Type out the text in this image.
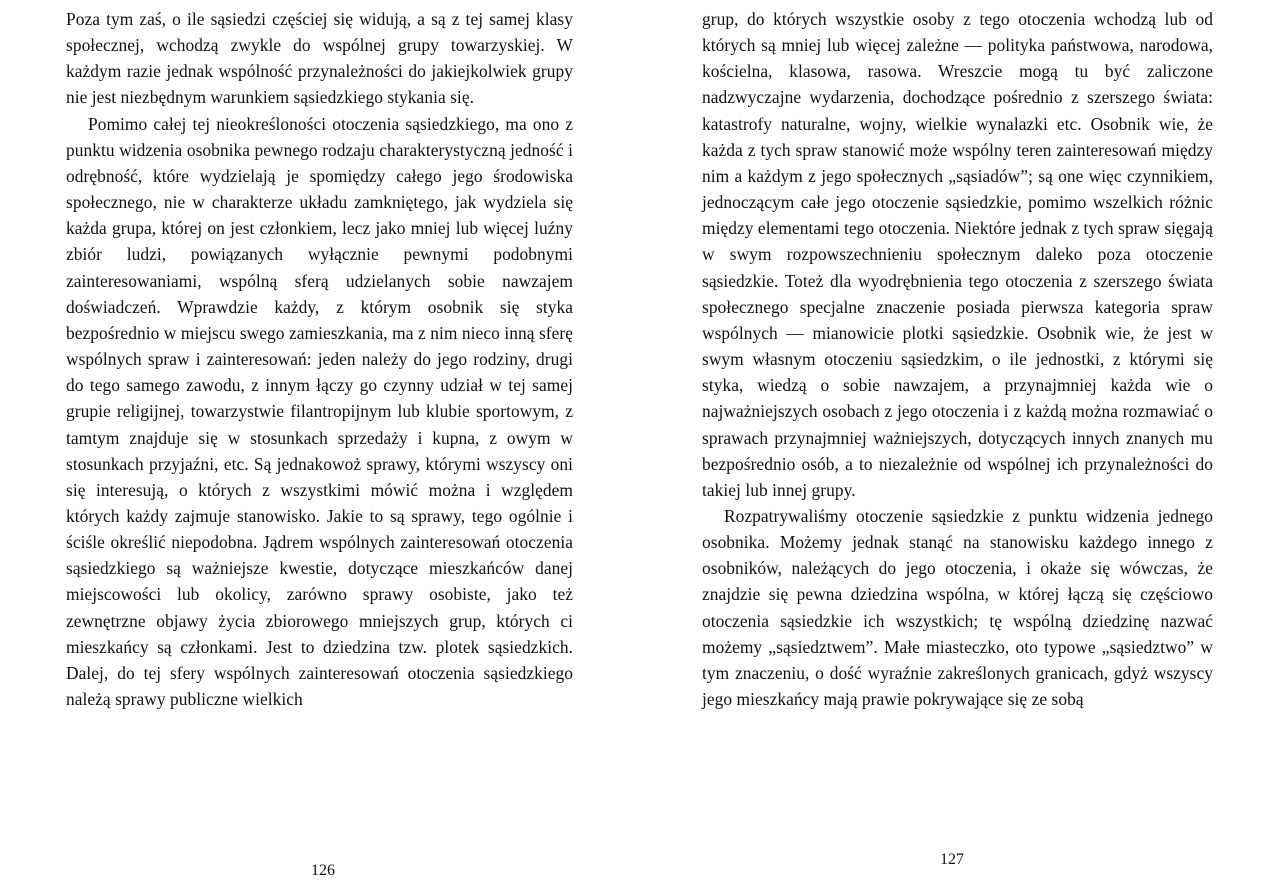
Poza tym zaś, o ile sąsiedzi częściej się widują, a są z tej samej klasy społecznej, wchodzą zwykle do wspólnej grupy towarzyskiej. W każdym razie jednak wspólność przynależności do jakiejkolwiek grupy nie jest niezbędnym warunkiem sąsiedzkiego stykania się.

Pomimo całej tej nieokreśloności otoczenia sąsiedzkiego, ma ono z punktu widzenia osobnika pewnego rodzaju charakterystyczną jedność i odrębność, które wydzielają je spomiędzy całego jego środowiska społecznego, nie w charakterze układu zamkniętego, jak wydziela się każda grupa, której on jest członkiem, lecz jako mniej lub więcej luźny zbiór ludzi, powiązanych wyłącznie pewnymi podobnymi zainteresowaniami, wspólną sferą udzielanych sobie nawzajem doświadczeń. Wprawdzie każdy, z którym osobnik się styka bezpośrednio w miejscu swego zamieszkania, ma z nim nieco inną sferę wspólnych spraw i zainteresowań: jeden należy do jego rodziny, drugi do tego samego zawodu, z innym łączy go czynny udział w tej samej grupie religijnej, towarzystwie filantropijnym lub klubie sportowym, z tamtym znajduje się w stosunkach sprzedaży i kupna, z owym w stosunkach przyjaźni, etc. Są jednakowoż sprawy, którymi wszyscy oni się interesują, o których z wszystkimi mówić można i względem których każdy zajmuje stanowisko. Jakie to są sprawy, tego ogólnie i ściśle określić niepodobna. Jądrem wspólnych zainteresowań otoczenia sąsiedzkiego są ważniejsze kwestie, dotyczące mieszkańców danej miejscowości lub okolicy, zarówno sprawy osobiste, jako też zewnętrzne objawy życia zbiorowego mniejszych grup, których ci mieszkańcy są członkami. Jest to dziedzina tzw. plotek sąsiedzkich. Dalej, do tej sfery wspólnych zainteresowań otoczenia sąsiedzkiego należą sprawy publiczne wielkich

126

grup, do których wszystkie osoby z tego otoczenia wchodzą lub od których są mniej lub więcej zależne — polityka państwowa, narodowa, kościelna, klasowa, rasowa. Wreszcie mogą tu być zaliczone nadzwyczajne wydarzenia, dochodzące pośrednio z szerszego świata: katastrofy naturalne, wojny, wielkie wynalazki etc. Osobnik wie, że każda z tych spraw stanowić może wspólny teren zainteresowań między nim a każdym z jego społecznych „sąsiadów”; są one więc czynnikiem, jednoczącym całe jego otoczenie sąsiedzkie, pomimo wszelkich różnic między elementami tego otoczenia. Niektóre jednak z tych spraw sięgają w swym rozpowszechnieniu społecznym daleko poza otoczenie sąsiedzkie. Toteż dla wyodrębnienia tego otoczenia z szerszego świata społecznego specjalne znaczenie posiada pierwsza kategoria spraw wspólnych — mianowicie plotki sąsiedzkie. Osobnik wie, że jest w swym własnym otoczeniu sąsiedzkim, o ile jednostki, z którymi się styka, wiedzą o sobie nawzajem, a przynajmniej każda wie o najważniejszych osobach z jego otoczenia i z każdą można rozmawiać o sprawach przynajmniej ważniejszych, dotyczących innych znanych mu bezpośrednio osób, a to niezależnie od wspólnej ich przynależności do takiej lub innej grupy.

Rozpatrywaliśmy otoczenie sąsiedzkie z punktu widzenia jednego osobnika. Możemy jednak stanąć na stanowisku każdego innego z osobników, należących do jego otoczenia, i okaże się wówczas, że znajdzie się pewna dziedzina wspólna, w której łączą się częściowo otoczenia sąsiedzkie ich wszystkich; tę wspólną dziedzinę nazwać możemy „sąsiedztwem”. Małe miasteczko, oto typowe „sąsiedztwo” w tym znaczeniu, o dość wyraźnie zakreślonych granicach, gdyż wszyscy jego mieszkańcy mają prawie pokrywające się ze sobą

127
